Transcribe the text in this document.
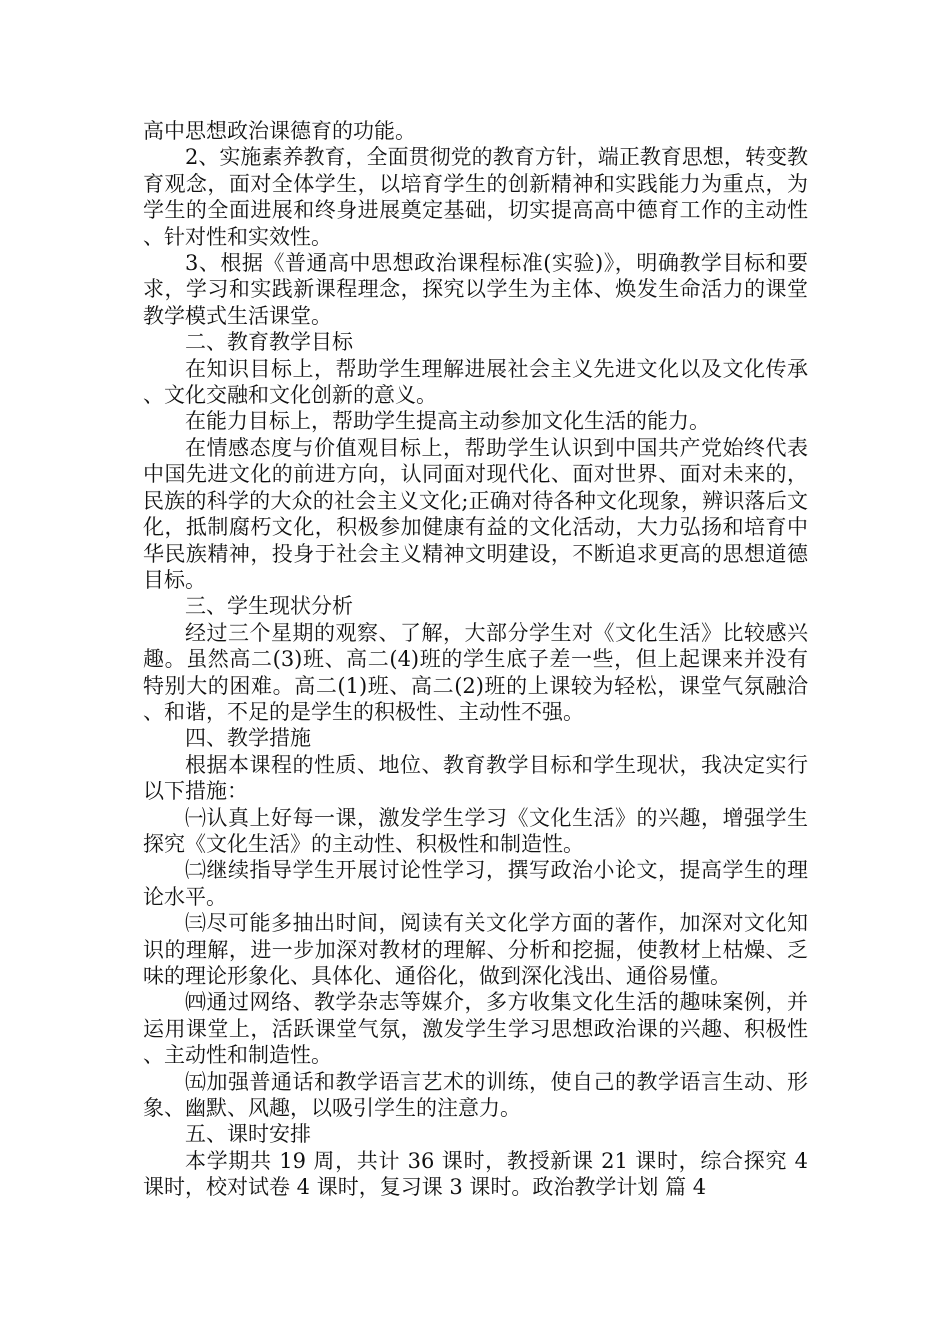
高中思想政治课德育的功能。

2、实施素养教育，全面贯彻党的教育方针，端正教育思想，转变教育观念，面对全体学生，以培育学生的创新精神和实践能力为重点，为学生的全面进展和终身进展奠定基础，切实提高高中德育工作的主动性、针对性和实效性。

3、根据《普通高中思想政治课程标准(实验)》，明确教学目标和要求，学习和实践新课程理念，探究以学生为主体、焕发生命活力的课堂教学模式生活课堂。

二、教育教学目标

在知识目标上，帮助学生理解进展社会主义先进文化以及文化传承、文化交融和文化创新的意义。

在能力目标上，帮助学生提高主动参加文化生活的能力。

在情感态度与价值观目标上，帮助学生认识到中国共产党始终代表中国先进文化的前进方向，认同面对现代化、面对世界、面对未来的，民族的科学的大众的社会主义文化;正确对待各种文化现象，辨识落后文化，抵制腐朽文化，积极参加健康有益的文化活动，大力弘扬和培育中华民族精神，投身于社会主义精神文明建设，不断追求更高的思想道德目标。

三、学生现状分析

经过三个星期的观察、了解，大部分学生对《文化生活》比较感兴趣。虽然高二(3)班、高二(4)班的学生底子差一些，但上起课来并没有特别大的困难。高二(1)班、高二(2)班的上课较为轻松，课堂气氛融洽、和谐，不足的是学生的积极性、主动性不强。

四、教学措施

根据本课程的性质、地位、教育教学目标和学生现状，我决定实行以下措施：

㈠认真上好每一课，激发学生学习《文化生活》的兴趣，增强学生探究《文化生活》的主动性、积极性和制造性。

㈡继续指导学生开展讨论性学习，撰写政治小论文，提高学生的理论水平。

㈢尽可能多抽出时间，阅读有关文化学方面的著作，加深对文化知识的理解，进一步加深对教材的理解、分析和挖掘，使教材上枯燥、乏味的理论形象化、具体化、通俗化，做到深化浅出、通俗易懂。

㈣通过网络、教学杂志等媒介，多方收集文化生活的趣味案例，并运用课堂上，活跃课堂气氛，激发学生学习思想政治课的兴趣、积极性、主动性和制造性。

㈤加强普通话和教学语言艺术的训练，使自己的教学语言生动、形象、幽默、风趣，以吸引学生的注意力。

五、课时安排

本学期共 19 周，共计 36 课时，教授新课 21 课时，综合探究 4 课时，校对试卷 4 课时，复习课 3 课时。政治教学计划 篇 4
